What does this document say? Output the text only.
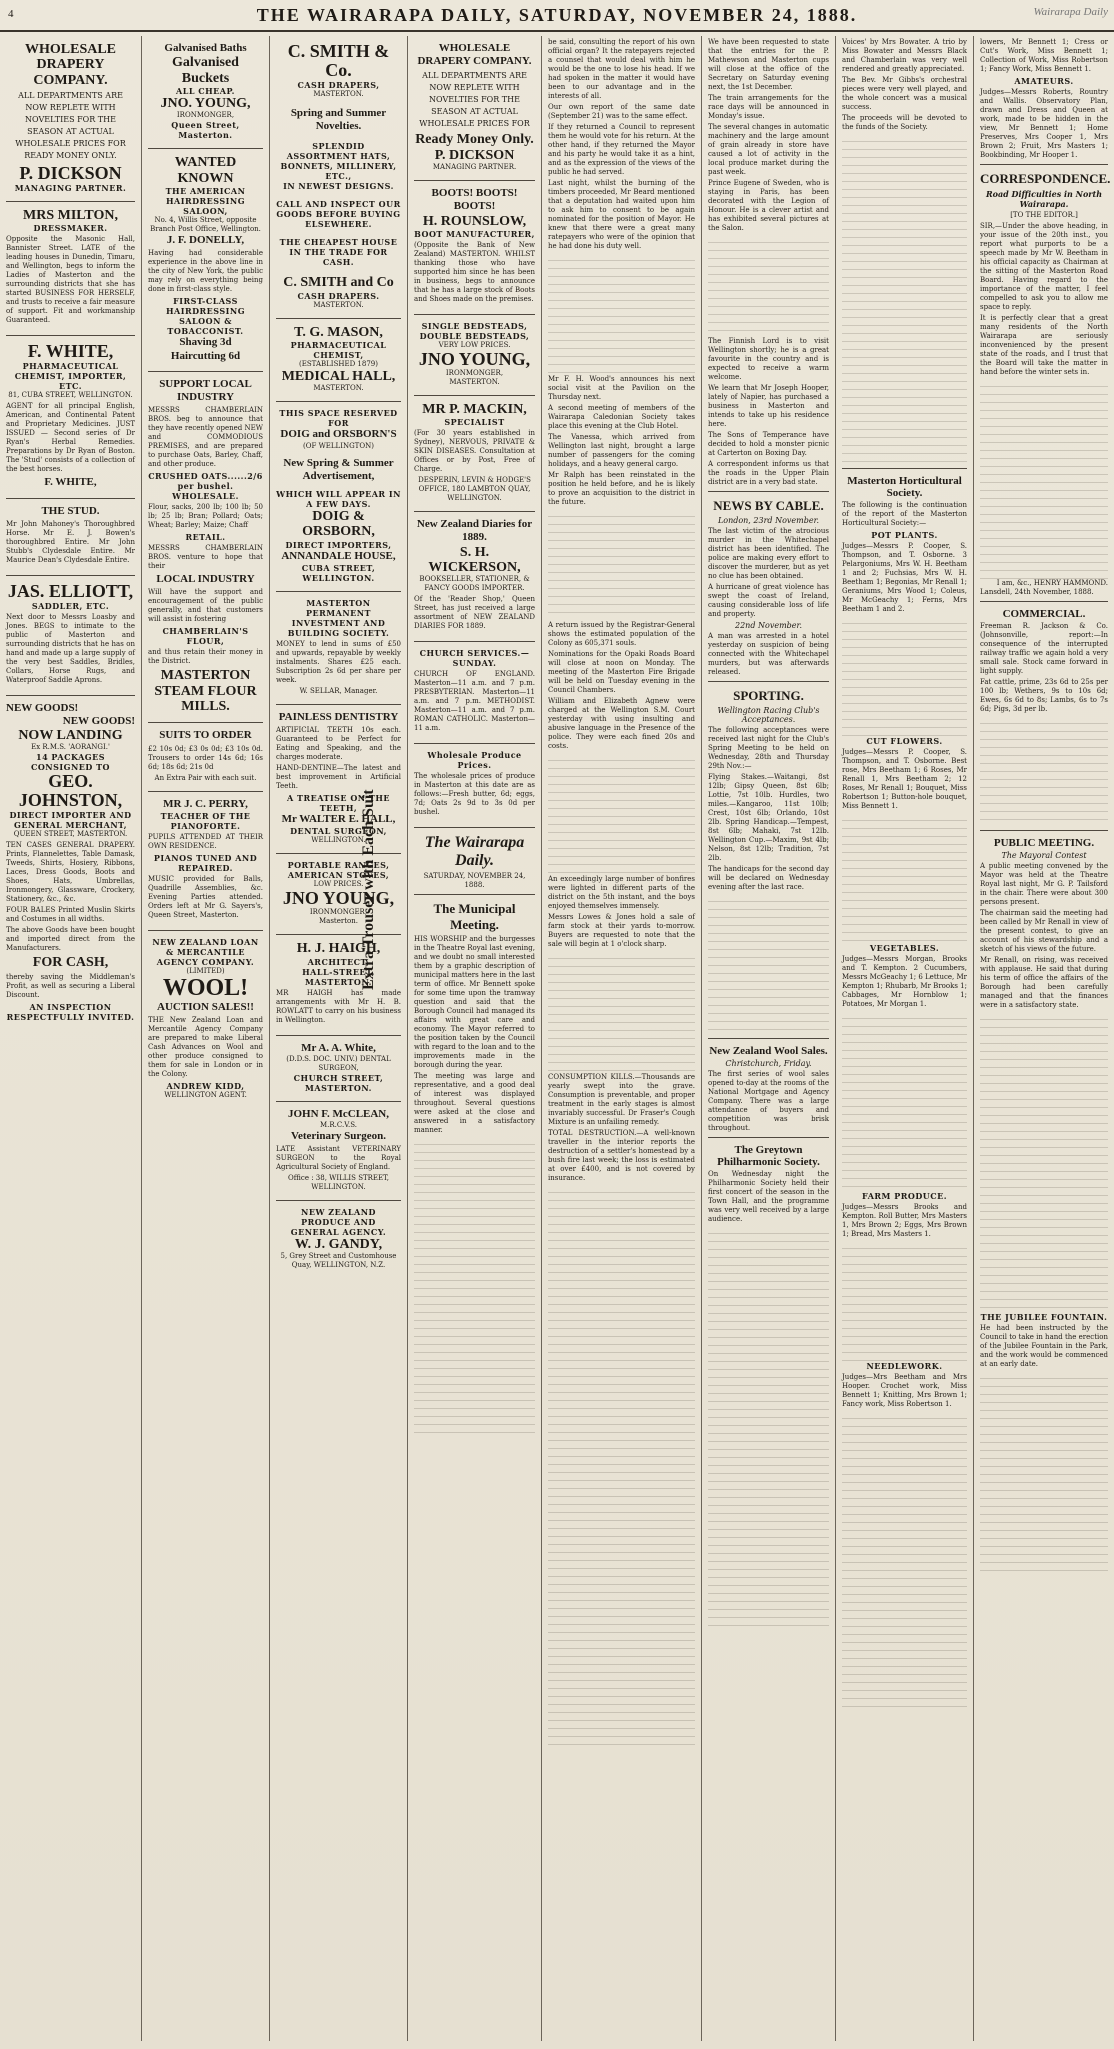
4	THE WAIRARAPA DAILY, SATURDAY, NOVEMBER 24, 1888.	Wairarapa Daily
WHOLESALE DRAPERY COMPANY.
ALL DEPARTMENTS ARE NOW REPLETE WITH NOVELTIES FOR THE SEASON AT ACTUAL WHOLESALE PRICES FOR READY MONEY ONLY.
P. DICKSON
MANAGING PARTNER.
MRS MILTON,
DRESSMAKER.
Opposite the Masonic Hall, Bannister Street. LATE of the leading houses in Dunedin, Timaru, and Wellington, begs to inform the Ladies of Masterton and the surrounding districts that she has started BUSINESS FOR HERSELF, and trusts to receive a fair measure of support. Fit and workmanship Guaranteed.
F. WHITE,
PHARMACEUTICAL CHEMIST, IMPORTER, ETC.
81, CUBA STREET, WELLINGTON.
AGENT for all principal English, American, and Continental Patent and Proprietary Medicines. JUST ISSUED — Second series of Dr Ryan's Herbal Remedies. Preparations by Dr Ryan of Boston. The 'Stud' consists of a collection of the best horses.
F. WHITE,
THE STUD.
Mr John Mahoney's Thoroughbred Horse. Mr E. J. Bowen's thoroughbred Entire. Mr John Stubb's Clydesdale Entire. Mr Maurice Dean's Clydesdale Entire.
JAS. ELLIOTT,
SADDLER, ETC.
Next door to Messrs Loasby and Jones. BEGS to intimate to the public of Masterton and surrounding districts that he has on hand and made up a large supply of the very best Saddles, Bridles, Collars, Horse Rugs, and Waterproof Saddle Aprons.
NEW GOODS!
NEW GOODS!
NOW LANDING
Ex R.M.S. 'AORANGI.'
14 PACKAGES CONSIGNED TO
GEO. JOHNSTON,
DIRECT IMPORTER AND GENERAL MERCHANT,
QUEEN STREET, MASTERTON.
TEN CASES GENERAL DRAPERY. Prints, Flannelettes, Table Damask, Tweeds, Shirts, Hosiery, Ribbons, Laces, Dress Goods, Boots and Shoes, Hats, Umbrellas, Ironmongery, Glassware, Crockery, Stationery, &c., &c.
FOUR BALES Printed Muslin Skirts and Costumes in all widths.
The above Goods have been bought and imported direct from the Manufacturers.
FOR CASH,
thereby saving the Middleman's Profit, as well as securing a Liberal Discount.
AN INSPECTION RESPECTFULLY INVITED.
Galvanised Baths
Galvanised Buckets
ALL CHEAP.
JNO. YOUNG,
IRONMONGER,
Queen Street, Masterton.
WANTED KNOWN
THE AMERICAN HAIRDRESSING SALOON,
No. 4, Willis Street, opposite Branch Post Office, Wellington.
J. F. DONELLY,
Having had considerable experience in the above line in the city of New York, the public may rely on everything being done in first-class style.
FIRST-CLASS HAIRDRESSING SALOON & TOBACCONIST.
Shaving 3d
Haircutting 6d
SUPPORT LOCAL INDUSTRY
MESSRS CHAMBERLAIN BROS. beg to announce that they have recently opened NEW and COMMODIOUS PREMISES, and are prepared to purchase Oats, Barley, Chaff, and other produce.
CRUSHED OATS......2/6 per bushel.
WHOLESALE.
Flour, sacks, 200 lb; 100 lb; 50 lb; 25 lb; Bran; Pollard; Oats; Wheat; Barley; Maize; Chaff
RETAIL.
MESSRS CHAMBERLAIN BROS. venture to hope that their
LOCAL INDUSTRY
Will have the support and encouragement of the public generally, and that customers will assist in fostering
CHAMBERLAIN'S FLOUR,
and thus retain their money in the District.
MASTERTON STEAM FLOUR MILLS.
SUITS TO ORDER
£2 10s 0d; £3 0s 0d; £3 10s 0d. Trousers to order 14s 6d; 16s 6d; 18s 6d; 21s 0d
An Extra Pair with each suit.
MR J. C. PERRY,
TEACHER OF THE PIANOFORTE.
PUPILS ATTENDED AT THEIR OWN RESIDENCE.
PIANOS TUNED AND REPAIRED.
MUSIC provided for Balls, Quadrille Assemblies, &c. Evening Parties attended. Orders left at Mr G. Sayers's, Queen Street, Masterton.
NEW ZEALAND LOAN & MERCANTILE AGENCY COMPANY.
(LIMITED)
WOOL!
AUCTION SALES!!
THE New Zealand Loan and Mercantile Agency Company are prepared to make Liberal Cash Advances on Wool and other produce consigned to them for sale in London or in the Colony.
ANDREW KIDD,
WELLINGTON AGENT.
C. SMITH & Co.
CASH DRAPERS,
MASTERTON.
Spring and Summer Novelties.
SPLENDID ASSORTMENT HATS, BONNETS, MILLINERY, ETC.,
IN NEWEST DESIGNS.
CALL AND INSPECT OUR GOODS BEFORE BUYING ELSEWHERE.
THE CHEAPEST HOUSE IN THE TRADE FOR CASH.
C. SMITH and Co
CASH DRAPERS.
MASTERTON.
T. G. MASON,
PHARMACEUTICAL CHEMIST,
(ESTABLISHED 1879)
MEDICAL HALL,
MASTERTON.
THIS SPACE RESERVED FOR
DOIG and ORSBORN'S
(OF WELLINGTON)
New Spring & Summer Advertisement,
WHICH WILL APPEAR IN A FEW DAYS.
DOIG & ORSBORN,
DIRECT IMPORTERS,
ANNANDALE HOUSE,
CUBA STREET, WELLINGTON.
MASTERTON PERMANENT INVESTMENT AND BUILDING SOCIETY.
MONEY to lend in sums of £50 and upwards, repayable by weekly instalments. Shares £25 each. Subscription 2s 6d per share per week.
W. SELLAR, Manager.
PAINLESS DENTISTRY
ARTIFICIAL TEETH 10s each. Guaranteed to be Perfect for Eating and Speaking, and the charges moderate.
HAND-DENTINE—The latest and best improvement in Artificial Teeth.
A TREATISE ON THE TEETH,
Mr WALTER E. HALL,
DENTAL SURGEON,
WELLINGTON.
PORTABLE RANGES, AMERICAN STOVES,
LOW PRICES.
JNO YOUNG,
IRONMONGER,
Masterton.
H. J. HAIGH,
ARCHITECT,
HALL-STREET, MASTERTON.
MR HAIGH has made arrangements with Mr H. B. ROWLATT to carry on his business in Wellington.
Mr A. A. White,
(D.D.S. DOC. UNIV.) DENTAL SURGEON,
CHURCH STREET, MASTERTON.
JOHN F. McCLEAN,
M.R.C.V.S.
Veterinary Surgeon.
LATE Assistant VETERINARY SURGEON to the Royal Agricultural Society of England.
Office : 38, WILLIS STREET, WELLINGTON.
NEW ZEALAND PRODUCE AND GENERAL AGENCY.
W. J. GANDY,
5, Grey Street and Customhouse Quay, WELLINGTON, N.Z.
Extra Trouser with Each Suit
WHOLESALE DRAPERY COMPANY.
ALL DEPARTMENTS ARE NOW REPLETE WITH NOVELTIES FOR THE SEASON AT ACTUAL WHOLESALE PRICES FOR
Ready Money Only.
P. DICKSON
MANAGING PARTNER.
BOOTS! BOOTS! BOOTS!
H. ROUNSLOW,
BOOT MANUFACTURER,
(Opposite the Bank of New Zealand) MASTERTON. WHILST thanking those who have supported him since he has been in business, begs to announce that he has a large stock of Boots and Shoes made on the premises.
SINGLE BEDSTEADS, DOUBLE BEDSTEADS,
VERY LOW PRICES.
JNO YOUNG,
IRONMONGER,
MASTERTON.
MR P. MACKIN,
SPECIALIST
(For 30 years established in Sydney), NERVOUS, PRIVATE & SKIN DISEASES. Consultation at Offices or by Post, Free of Charge.
DESPERIN, LEVIN & HODGE'S OFFICE, 180 LAMBTON QUAY, WELLINGTON.
New Zealand Diaries for 1889.
S. H. WICKERSON,
BOOKSELLER, STATIONER, & FANCY GOODS IMPORTER.
Of the 'Reader Shop,' Queen Street, has just received a large assortment of NEW ZEALAND DIARIES FOR 1889.
CHURCH SERVICES.—SUNDAY.
CHURCH OF ENGLAND. Masterton—11 a.m. and 7 p.m. PRESBYTERIAN. Masterton—11 a.m. and 7 p.m. METHODIST. Masterton—11 a.m. and 7 p.m. ROMAN CATHOLIC. Masterton—11 a.m.
Wholesale Produce Prices.
The wholesale prices of produce in Masterton at this date are as follows:—Fresh butter, 6d; eggs, 7d; Oats 2s 9d to 3s 0d per bushel.
The Wairarapa Daily.
SATURDAY, NOVEMBER 24, 1888.
The Municipal Meeting.
HIS WORSHIP and the burgesses in the Theatre Royal last evening, and we doubt no small interested them by a graphic description of municipal matters here in the last term of office. Mr Bennett spoke for some time upon the tramway question and said that the Borough Council had managed its affairs with great care and economy. The Mayor referred to the position taken by the Council with regard to the loan and to the improvements made in the borough during the year.
The meeting was large and representative, and a good deal of interest was displayed throughout. Several questions were asked at the close and answered in a satisfactory manner.
be said, consulting the report of his own official organ? It the ratepayers rejected a counsel that would deal with him he would be the one to lose his head. If we had spoken in the matter it would have been to our advantage and in the interests of all.
Our own report of the same date (September 21) was to the same effect.
If they returned a Council to represent them he would vote for his return. At the other hand, if they returned the Mayor and his party he would take it as a hint, and as the expression of the views of the public he had served.
Last night, whilst the burning of the timbers proceeded, Mr Beard mentioned that a deputation had waited upon him to ask him to consent to be again nominated for the position of Mayor. He knew that there were a great many ratepayers who were of the opinion that he had done his duty well.
Mr F. H. Wood's announces his next social visit at the Pavilion on the Thursday next.
A second meeting of members of the Wairarapa Caledonian Society takes place this evening at the Club Hotel.
The Vanessa, which arrived from Wellington last night, brought a large number of passengers for the coming holidays, and a heavy general cargo.
Mr Ralph has been reinstated in the position he held before, and he is likely to prove an acquisition to the district in the future.
A return issued by the Registrar-General shows the estimated population of the Colony as 605,371 souls.
Nominations for the Opaki Roads Board will close at noon on Monday. The meeting of the Masterton Fire Brigade will be held on Tuesday evening in the Council Chambers.
William and Elizabeth Agnew were charged at the Wellington S.M. Court yesterday with using insulting and abusive language in the Presence of the police. They were each fined 20s and costs.
An exceedingly large number of bonfires were lighted in different parts of the district on the 5th instant, and the boys enjoyed themselves immensely.
Messrs Lowes & Jones hold a sale of farm stock at their yards to-morrow. Buyers are requested to note that the sale will begin at 1 o'clock sharp.
CONSUMPTION KILLS.—Thousands are yearly swept into the grave. Consumption is preventable, and proper treatment in the early stages is almost invariably successful. Dr Fraser's Cough Mixture is an unfailing remedy.
TOTAL DESTRUCTION.—A well-known traveller in the interior reports the destruction of a settler's homestead by a bush fire last week; the loss is estimated at over £400, and is not covered by insurance.
We have been requested to state that the entries for the P. Mathewson and Masterton cups will close at the office of the Secretary on Saturday evening next, the 1st December.
The train arrangements for the race days will be announced in Monday's issue.
The several changes in automatic machinery and the large amount of grain already in store have caused a lot of activity in the local produce market during the past week.
Prince Eugene of Sweden, who is staying in Paris, has been decorated with the Legion of Honour. He is a clever artist and has exhibited several pictures at the Salon.
The Finnish Lord is to visit Wellington shortly; he is a great favourite in the country and is expected to receive a warm welcome.
We learn that Mr Joseph Hooper, lately of Napier, has purchased a business in Masterton and intends to take up his residence here.
The Sons of Temperance have decided to hold a monster picnic at Carterton on Boxing Day.
A correspondent informs us that the roads in the Upper Plain district are in a very bad state.
NEWS BY CABLE.
London, 23rd November.
The last victim of the atrocious murder in the Whitechapel district has been identified. The police are making every effort to discover the murderer, but as yet no clue has been obtained.
A hurricane of great violence has swept the coast of Ireland, causing considerable loss of life and property.
22nd November.
A man was arrested in a hotel yesterday on suspicion of being connected with the Whitechapel murders, but was afterwards released.
SPORTING.
Wellington Racing Club's Acceptances.
The following acceptances were received last night for the Club's Spring Meeting to be held on Wednesday, 28th and Thursday 29th Nov.:—
Flying Stakes.—Waitangi, 8st 12lb; Gipsy Queen, 8st 6lb; Lottie, 7st 10lb. Hurdles, two miles.—Kangaroo, 11st 10lb; Crest, 10st 6lb; Orlando, 10st 2lb. Spring Handicap.—Tempest, 8st 6lb; Mahaki, 7st 12lb. Wellington Cup.—Maxim, 9st 4lb; Nelson, 8st 12lb; Tradition, 7st 2lb.
The handicaps for the second day will be declared on Wednesday evening after the last race.
New Zealand Wool Sales.
Christchurch, Friday.
The first series of wool sales opened to-day at the rooms of the National Mortgage and Agency Company. There was a large attendance of buyers and competition was brisk throughout.
The Greytown Philharmonic Society.
On Wednesday night the Philharmonic Society held their first concert of the season in the Town Hall, and the programme was very well received by a large audience.
Voices' by Mrs Bowater. A trio by Miss Bowater and Messrs Black and Chamberlain was very well rendered and greatly appreciated.
The Bev. Mr Gibbs's orchestral pieces were very well played, and the whole concert was a musical success.
The proceeds will be devoted to the funds of the Society.
Masterton Horticultural Society.
The following is the continuation of the report of the Masterton Horticultural Society:—
POT PLANTS.
Judges—Messrs P. Cooper, S. Thompson, and T. Osborne. 3 Pelargoniums, Mrs W. H. Beetham 1 and 2; Fuchsias, Mrs W. H. Beetham 1; Begonias, Mr Renall 1; Geraniums, Mrs Wood 1; Coleus, Mr McGeachy 1; Ferns, Mrs Beetham 1 and 2.
CUT FLOWERS.
Judges—Messrs P. Cooper, S. Thompson, and T. Osborne. Best rose, Mrs Beetham 1; 6 Roses, Mr Renall 1, Mrs Beetham 2; 12 Roses, Mr Renall 1; Bouquet, Miss Robertson 1; Button-hole bouquet, Miss Bennett 1.
VEGETABLES.
Judges—Messrs Morgan, Brooks and T. Kempton. 2 Cucumbers, Messrs McGeachy 1; 6 Lettuce, Mr Kempton 1; Rhubarb, Mr Brooks 1; Cabbages, Mr Hornblow 1; Potatoes, Mr Morgan 1.
FARM PRODUCE.
Judges—Messrs Brooks and Kempton. Roll Butter, Mrs Masters 1, Mrs Brown 2; Eggs, Mrs Brown 1; Bread, Mrs Masters 1.
NEEDLEWORK.
Judges—Mrs Beetham and Mrs Hooper. Crochet work, Miss Bennett 1; Knitting, Mrs Brown 1; Fancy work, Miss Robertson 1.
lowers, Mr Bennett 1; Cress or Cut's Work, Miss Bennett 1; Collection of Work, Miss Robertson 1; Fancy Work, Miss Bennett 1.
AMATEURS.
Judges—Messrs Roberts, Rountry and Wallis. Observatory Plan, drawn and Dress and Queen at work, made to be hidden in the view, Mr Bennett 1; Home Preserves, Mrs Cooper 1, Mrs Brown 2; Fruit, Mrs Masters 1; Bookbinding, Mr Hooper 1.
CORRESPONDENCE.
Road Difficulties in North Wairarapa.
[TO THE EDITOR.]
SIR,—Under the above heading, in your issue of the 20th inst., you report what purports to be a speech made by Mr W. Beetham in his official capacity as Chairman at the sitting of the Masterton Road Board. Having regard to the importance of the matter, I feel compelled to ask you to allow me space to reply.
It is perfectly clear that a great many residents of the North Wairarapa are seriously inconvenienced by the present state of the roads, and I trust that the Board will take the matter in hand before the winter sets in.
I am, &c., HENRY HAMMOND.
Lansdell, 24th November, 1888.
COMMERCIAL.
Freeman R. Jackson & Co. (Johnsonville, report:—In consequence of the interrupted railway traffic we again hold a very small sale. Stock came forward in light supply.
Fat cattle, prime, 23s 6d to 25s per 100 lb; Wethers, 9s to 10s 6d; Ewes, 6s 6d to 8s; Lambs, 6s to 7s 6d; Pigs, 3d per lb.
PUBLIC MEETING.
The Mayoral Contest
A public meeting convened by the Mayor was held at the Theatre Royal last night, Mr G. P. Tailsford in the chair. There were about 300 persons present.
The chairman said the meeting had been called by Mr Renall in view of the present contest, to give an account of his stewardship and a sketch of his views of the future.
Mr Renall, on rising, was received with applause. He said that during his term of office the affairs of the Borough had been carefully managed and that the finances were in a satisfactory state.
THE JUBILEE FOUNTAIN.
He had been instructed by the Council to take in hand the erection of the Jubilee Fountain in the Park, and the work would be commenced at an early date.
